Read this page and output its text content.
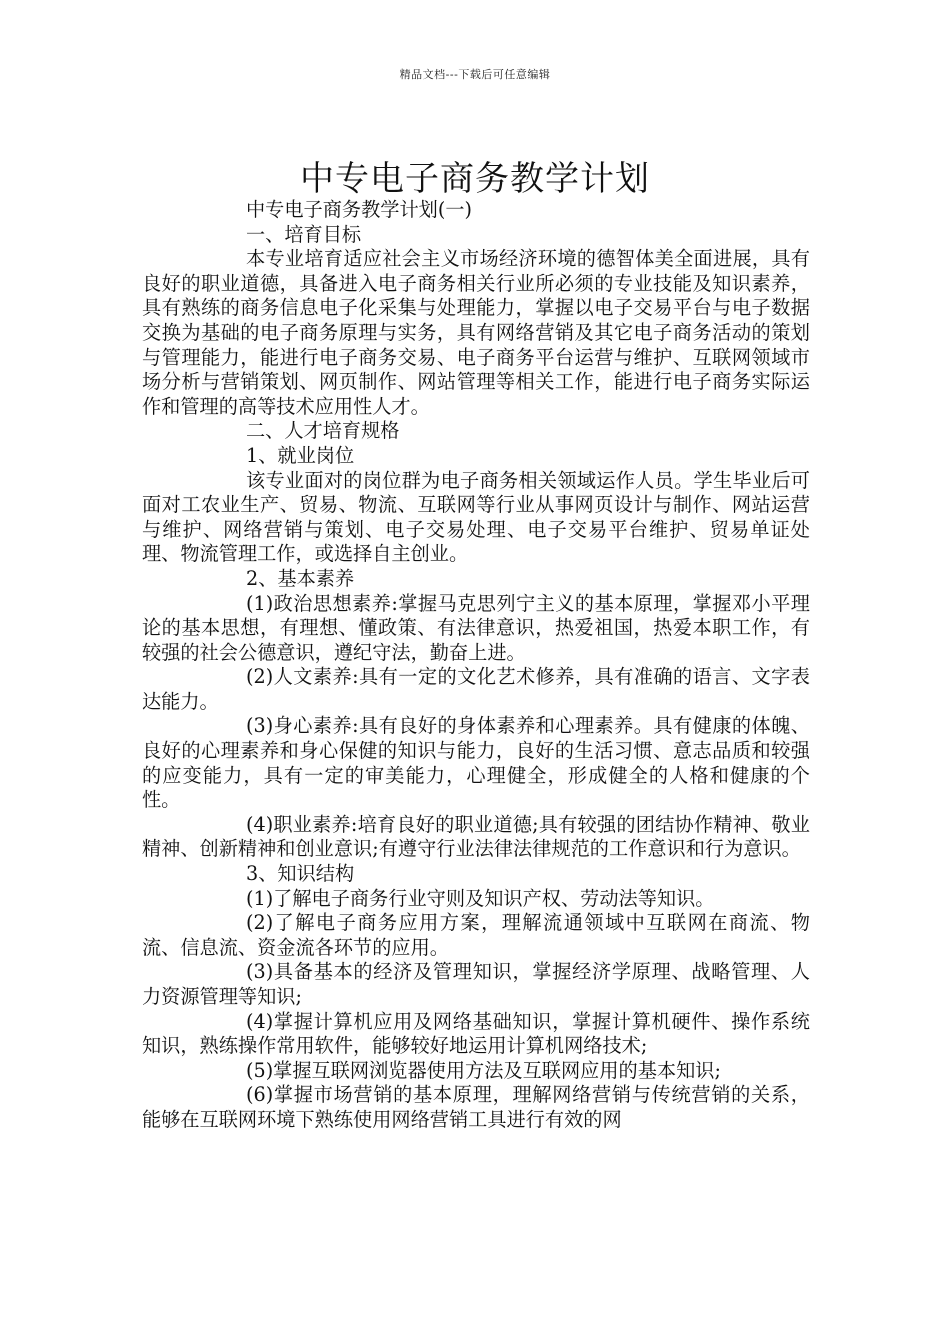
精品文档---下载后可任意编辑
中专电子商务教学计划

中专电子商务教学计划(一)

一、培育目标

本专业培育适应社会主义市场经济环境的德智体美全面进展，具有良好的职业道德，具备进入电子商务相关行业所必须的专业技能及知识素养，具有熟练的商务信息电子化采集与处理能力，掌握以电子交易平台与电子数据交换为基础的电子商务原理与实务，具有网络营销及其它电子商务活动的策划与管理能力，能进行电子商务交易、电子商务平台运营与维护、互联网领域市场分析与营销策划、网页制作、网站管理等相关工作，能进行电子商务实际运作和管理的高等技术应用性人才。

二、人才培育规格

1、就业岗位

该专业面对的岗位群为电子商务相关领域运作人员。学生毕业后可面对工农业生产、贸易、物流、互联网等行业从事网页设计与制作、网站运营与维护、网络营销与策划、电子交易处理、电子交易平台维护、贸易单证处理、物流管理工作，或选择自主创业。

2、基本素养

(1)政治思想素养:掌握马克思列宁主义的基本原理，掌握邓小平理论的基本思想，有理想、懂政策、有法律意识，热爱祖国，热爱本职工作，有较强的社会公德意识，遵纪守法，勤奋上进。

(2)人文素养:具有一定的文化艺术修养，具有准确的语言、文字表达能力。

(3)身心素养:具有良好的身体素养和心理素养。具有健康的体魄、良好的心理素养和身心保健的知识与能力，良好的生活习惯、意志品质和较强的应变能力，具有一定的审美能力，心理健全，形成健全的人格和健康的个性。

(4)职业素养:培育良好的职业道德;具有较强的团结协作精神、敬业精神、创新精神和创业意识;有遵守行业法律法律规范的工作意识和行为意识。

3、知识结构

(1)了解电子商务行业守则及知识产权、劳动法等知识。

(2)了解电子商务应用方案，理解流通领域中互联网在商流、物流、信息流、资金流各环节的应用。

(3)具备基本的经济及管理知识，掌握经济学原理、战略管理、人力资源管理等知识;

(4)掌握计算机应用及网络基础知识，掌握计算机硬件、操作系统知识，熟练操作常用软件，能够较好地运用计算机网络技术;

(5)掌握互联网浏览器使用方法及互联网应用的基本知识;

(6)掌握市场营销的基本原理，理解网络营销与传统营销的关系，能够在互联网环境下熟练使用网络营销工具进行有效的网
